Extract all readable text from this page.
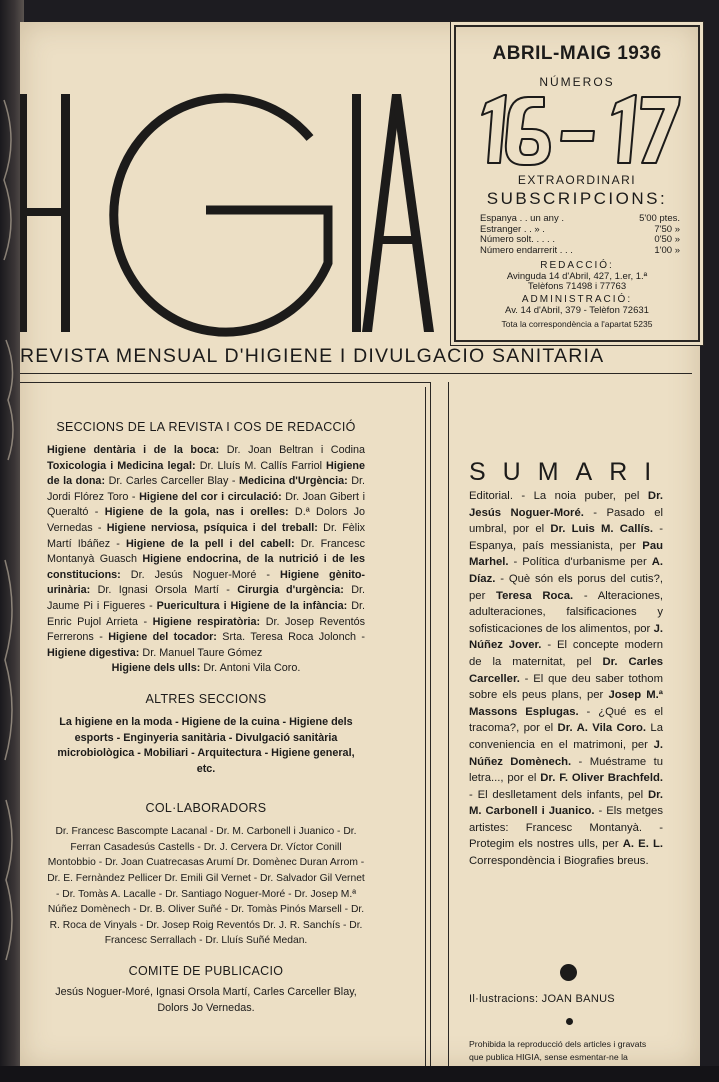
HIGIA
ABRIL-MAIG 1936
NÚMEROS
EXTRAORDINARI
SUBSCRIPCIONS:
Espanya . . un any .	5'00 ptes.
Estranger . . » .	7'50 »
Número solt. . . . .	0'50 »
Número endarrerit . . .	1'00 »
REDACCIÓ:
Avinguda 14 d'Abril, 427, 1.er, 1.ª
Telèfons 71498 i 77763
ADMINISTRACIÓ:
Av. 14 d'Abril, 379 - Telèfon 72631
Tota la correspondència a l'apartat 5235
REVISTA MENSUAL D'HIGIENE I DIVULGACIO SANITARIA
SECCIONS DE LA REVISTA I COS DE REDACCIÓ
Higiene dentària i de la boca: Dr. Joan Beltran i Codina Toxicologia i Medicina legal: Dr. Lluís M. Callís Farriol Higiene de la dona: Dr. Carles Carceller Blay - Medicina d'Urgència: Dr. Jordi Flórez Toro - Higiene del cor i circulació: Dr. Joan Gibert i Queraltó - Higiene de la gola, nas i orelles: D.ª Dolors Jo Vernedas - Higiene nerviosa, psíquica i del treball: Dr. Fèlix Martí Ibáñez - Higiene de la pell i del cabell: Dr. Francesc Montanyà Guasch Higiene endocrina, de la nutrició i de les constitucions: Dr. Jesús Noguer-Moré - Higiene gènito-urinària: Dr. Ignasi Orsola Martí - Cirurgia d'urgència: Dr. Jaume Pi i Figueres - Puericultura i Higiene de la infància: Dr. Enric Pujol Arrieta - Higiene respiratòria: Dr. Josep Reventós Ferrerons - Higiene del tocador: Srta. Teresa Roca Jolonch - Higiene digestiva: Dr. Manuel Taure Gómez
Higiene dels ulls: Dr. Antoni Vila Coro.
ALTRES SECCIONS
La higiene en la moda - Higiene de la cuina - Higiene dels esports - Enginyeria sanitària - Divulgació sanitària microbiològica - Mobiliari - Arquitectura - Higiene general, etc.
COL·LABORADORS
Dr. Francesc Bascompte Lacanal - Dr. M. Carbonell i Juanico - Dr. Ferran Casadesús Castells - Dr. J. Cervera Dr. Víctor Conill Montobbio - Dr. Joan Cuatrecasas Arumí Dr. Domènec Duran Arrom - Dr. E. Fernàndez Pellicer Dr. Emili Gil Vernet - Dr. Salvador Gil Vernet - Dr. Tomàs A. Lacalle - Dr. Santiago Noguer-Moré - Dr. Josep M.ª Núñez Domènech - Dr. B. Oliver Suñé - Dr. Tomàs Pinós Marsell - Dr. R. Roca de Vinyals - Dr. Josep Roig Reventós Dr. J. R. Sanchís - Dr. Francesc Serrallach - Dr. Lluís Suñé Medan.
COMITE DE PUBLICACIO
Jesús Noguer-Moré, Ignasi Orsola Martí, Carles Carceller Blay, Dolors Jo Vernedas.
SUMARI
Editorial. - La noia puber, pel Dr. Jesús Noguer-Moré. - Pasado el umbral, por el Dr. Luis M. Callís. - Espanya, país messianista, per Pau Marhel. - Política d'urbanisme per A. Díaz. - Què són els porus del cutis?, per Teresa Roca. - Alteraciones, adulteraciones, falsificaciones y sofisticaciones de los alimentos, por J. Núñez Jover. - El concepte modern de la maternitat, pel Dr. Carles Carceller. - El que deu saber tothom sobre els peus plans, per Josep M.ª Massons Esplugas. - ¿Qué es el tracoma?, por el Dr. A. Vila Coro. La conveniencia en el matrimoni, per J. Núñez Domènech. - Muéstrame tu letra..., por el Dr. F. Oliver Brachfeld. - El deslletament dels infants, pel Dr. M. Carbonell i Juanico. - Els metges artistes: Francesc Montanyà. - Protegim els nostres ulls, per A. E. L. Correspondència i Biografies breus.
Il·lustracions: JOAN BANUS
Prohibida la reproducció dels articles i gravats que publica HIGIA, sense esmentar-ne la
